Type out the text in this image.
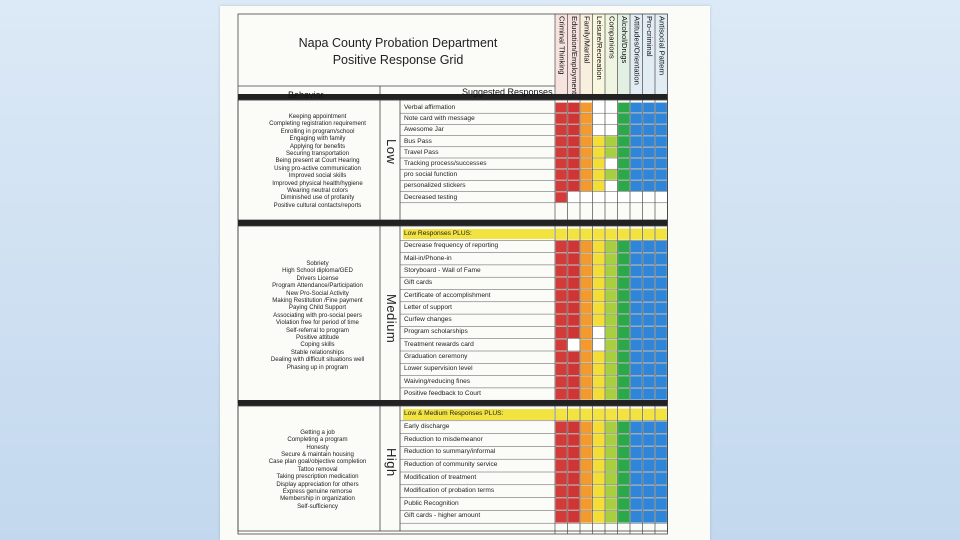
Napa County Probation Department
Positive Response Grid
Behavior	Suggested Responses
Criminal Thinking Education/Employment Family/Marital Leisure/Recreation Companions Alcohol/Drugs Attitudes/Orientation Pro-criminal Antisocial Pattern
Low
Keeping appointment
Completing registration requirement
Enrolling in program/school
Engaging with family
Applying for benefits
Securing transportation
Being present at Court Hearing
Using pro-active communication
Improved social skills
Improved physical health/hygiene
Wearing neutral colors
Diminished use of profanity
Positive cultural contacts/reports
Verbal affirmation
Note card with message
Awesome Jar
Bus Pass
Travel Pass
Tracking process/successes
pro social function
personalized stickers
Decreased testing
Medium
Sobriety
High School diploma/GED
Drivers License
Program Attendance/Participation
New Pro-Social Activity
Making Restitution /Fine payment
Paying Child Support
Associating with pro-social peers
Violation free for period of time
Self-referral to program
Positive attitude
Coping skills
Stable relationships
Dealing with difficult situations well
Phasing up in program
Low Responses PLUS:
Decrease frequency of reporting
Mail-in/Phone-in
Storyboard - Wall of Fame
Gift cards
Certificate of accomplishment
Letter of support
Curfew changes
Program scholarships
Treatment rewards card
Graduation ceremony
Lower supervision level
Waiving/reducing fines
Positive feedback to Court
High
Getting a job
Completing a program
Honesty
Secure & maintain housing
Case plan goal/objective completion
Tattoo removal
Taking prescription medication
Display appreciation for others
Express genuine remorse
Membership in organization
Self-sufficiency
Low & Medium Responses PLUS:
Early discharge
Reduction to misdemeanor
Reduction to summary/informal
Reduction of community service
Modification of treatment
Modification of probation terms
Public Recognition
Gift cards - higher amount
